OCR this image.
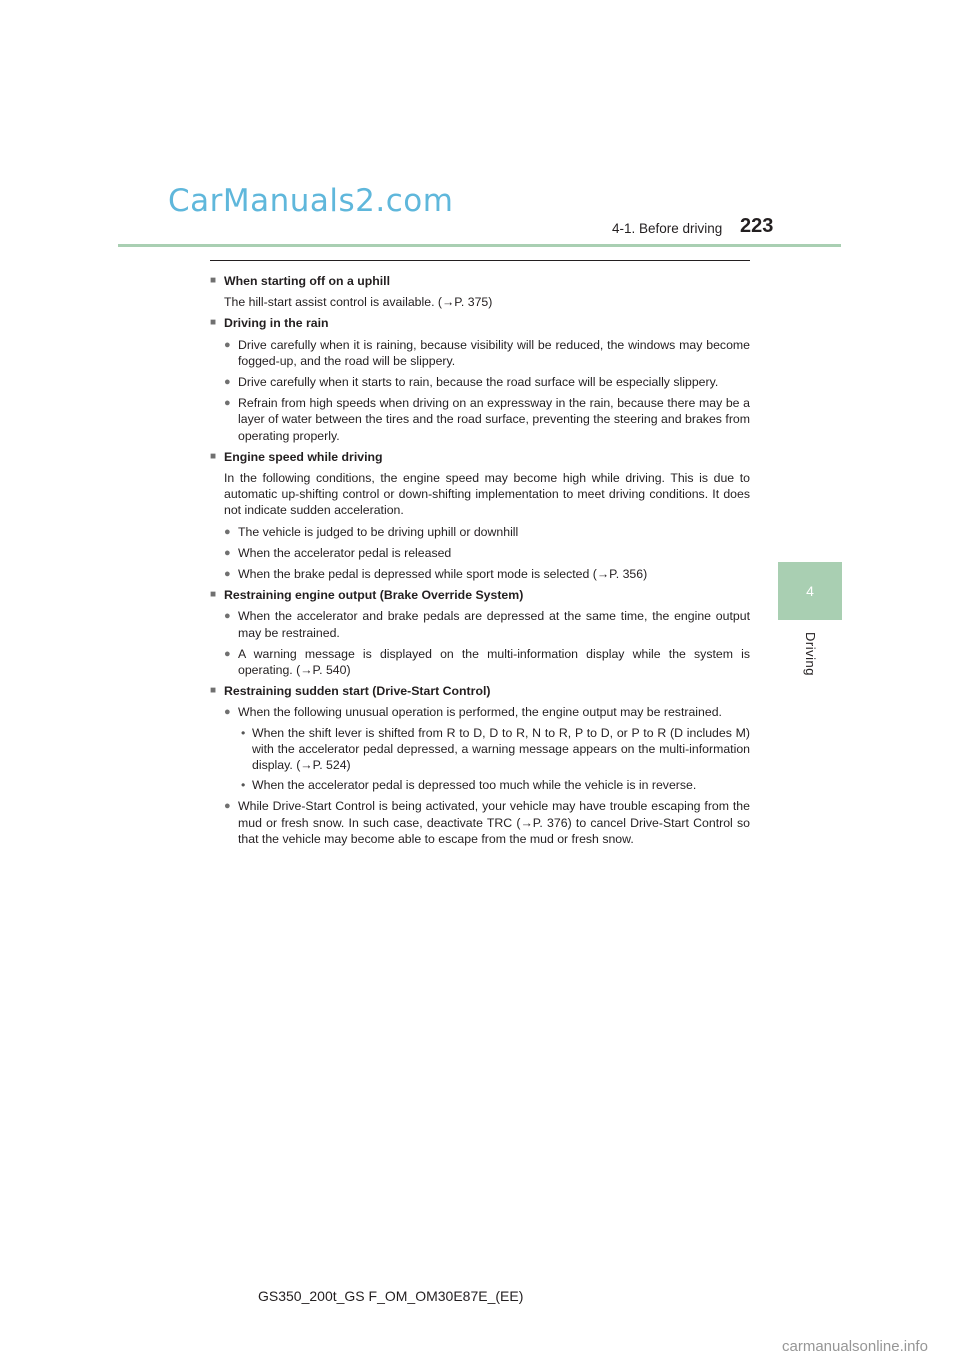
CarManuals2.com
4-1. Before driving 223
4
Driving
■ When starting off on a uphill
The hill-start assist control is available. (→P. 375)
■ Driving in the rain
● Drive carefully when it is raining, because visibility will be reduced, the windows may become fogged-up, and the road will be slippery.
● Drive carefully when it starts to rain, because the road surface will be especially slippery.
● Refrain from high speeds when driving on an expressway in the rain, because there may be a layer of water between the tires and the road surface, preventing the steering and brakes from operating properly.
■ Engine speed while driving
In the following conditions, the engine speed may become high while driving. This is due to automatic up-shifting control or down-shifting implementation to meet driving conditions. It does not indicate sudden acceleration.
● The vehicle is judged to be driving uphill or downhill
● When the accelerator pedal is released
● When the brake pedal is depressed while sport mode is selected (→P. 356)
■ Restraining engine output (Brake Override System)
● When the accelerator and brake pedals are depressed at the same time, the engine output may be restrained.
● A warning message is displayed on the multi-information display while the system is operating. (→P. 540)
■ Restraining sudden start (Drive-Start Control)
● When the following unusual operation is performed, the engine output may be restrained.
• When the shift lever is shifted from R to D, D to R, N to R, P to D, or P to R (D includes M) with the accelerator pedal depressed, a warning message appears on the multi-information display. (→P. 524)
• When the accelerator pedal is depressed too much while the vehicle is in reverse.
● While Drive-Start Control is being activated, your vehicle may have trouble escaping from the mud or fresh snow. In such case, deactivate TRC (→P. 376) to cancel Drive-Start Control so that the vehicle may become able to escape from the mud or fresh snow.
GS350_200t_GS F_OM_OM30E87E_(EE)
carmanualsonline.info
